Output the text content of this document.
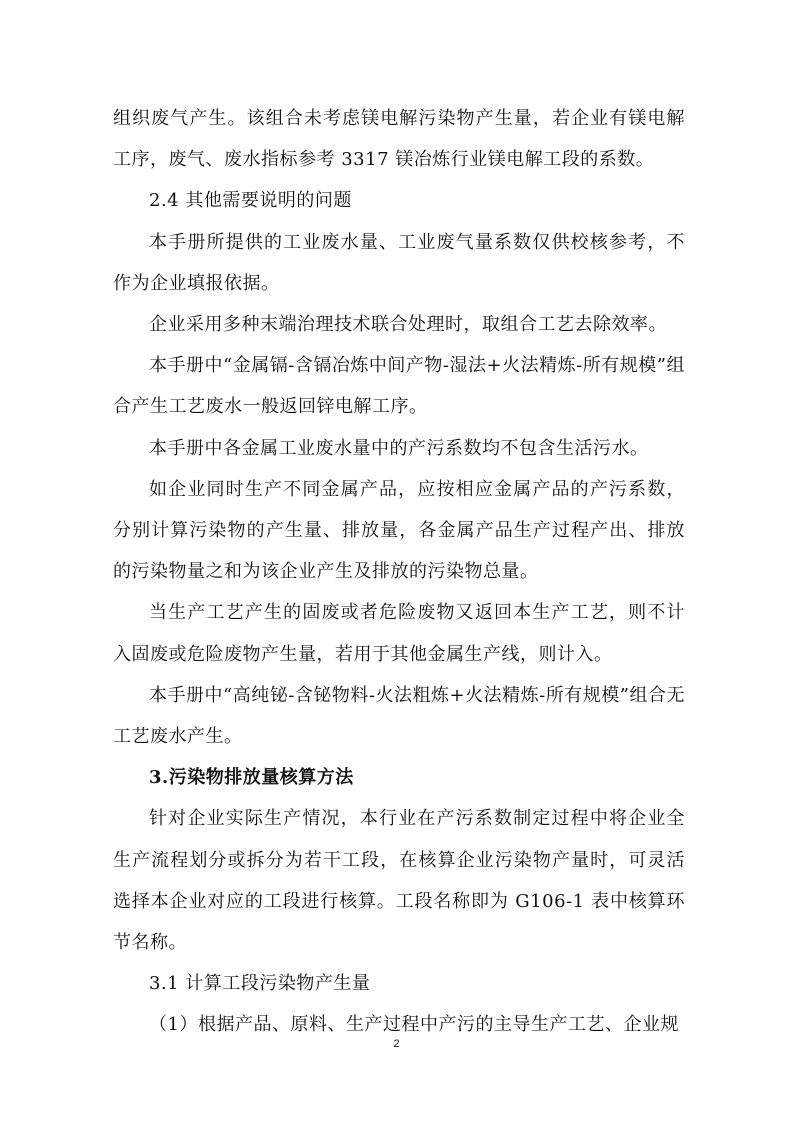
组织废气产生。该组合未考虑镁电解污染物产生量，若企业有镁电解工序，废气、废水指标参考 3317 镁冶炼行业镁电解工段的系数。

2.4 其他需要说明的问题

本手册所提供的工业废水量、工业废气量系数仅供校核参考，不作为企业填报依据。

企业采用多种末端治理技术联合处理时，取组合工艺去除效率。

本手册中“金属镉-含镉冶炼中间产物-湿法+火法精炼-所有规模”组合产生工艺废水一般返回锌电解工序。

本手册中各金属工业废水量中的产污系数均不包含生活污水。

如企业同时生产不同金属产品，应按相应金属产品的产污系数，分别计算污染物的产生量、排放量，各金属产品生产过程产出、排放的污染物量之和为该企业产生及排放的污染物总量。

当生产工艺产生的固废或者危险废物又返回本生产工艺，则不计入固废或危险废物产生量，若用于其他金属生产线，则计入。

本手册中“高纯铋-含铋物料-火法粗炼+火法精炼-所有规模”组合无工艺废水产生。

3.污染物排放量核算方法

针对企业实际生产情况，本行业在产污系数制定过程中将企业全生产流程划分或拆分为若干工段，在核算企业污染物产量时，可灵活选择本企业对应的工段进行核算。工段名称即为 G106-1 表中核算环节名称。

3.1 计算工段污染物产生量

（1）根据产品、原料、生产过程中产污的主导生产工艺、企业规

2
